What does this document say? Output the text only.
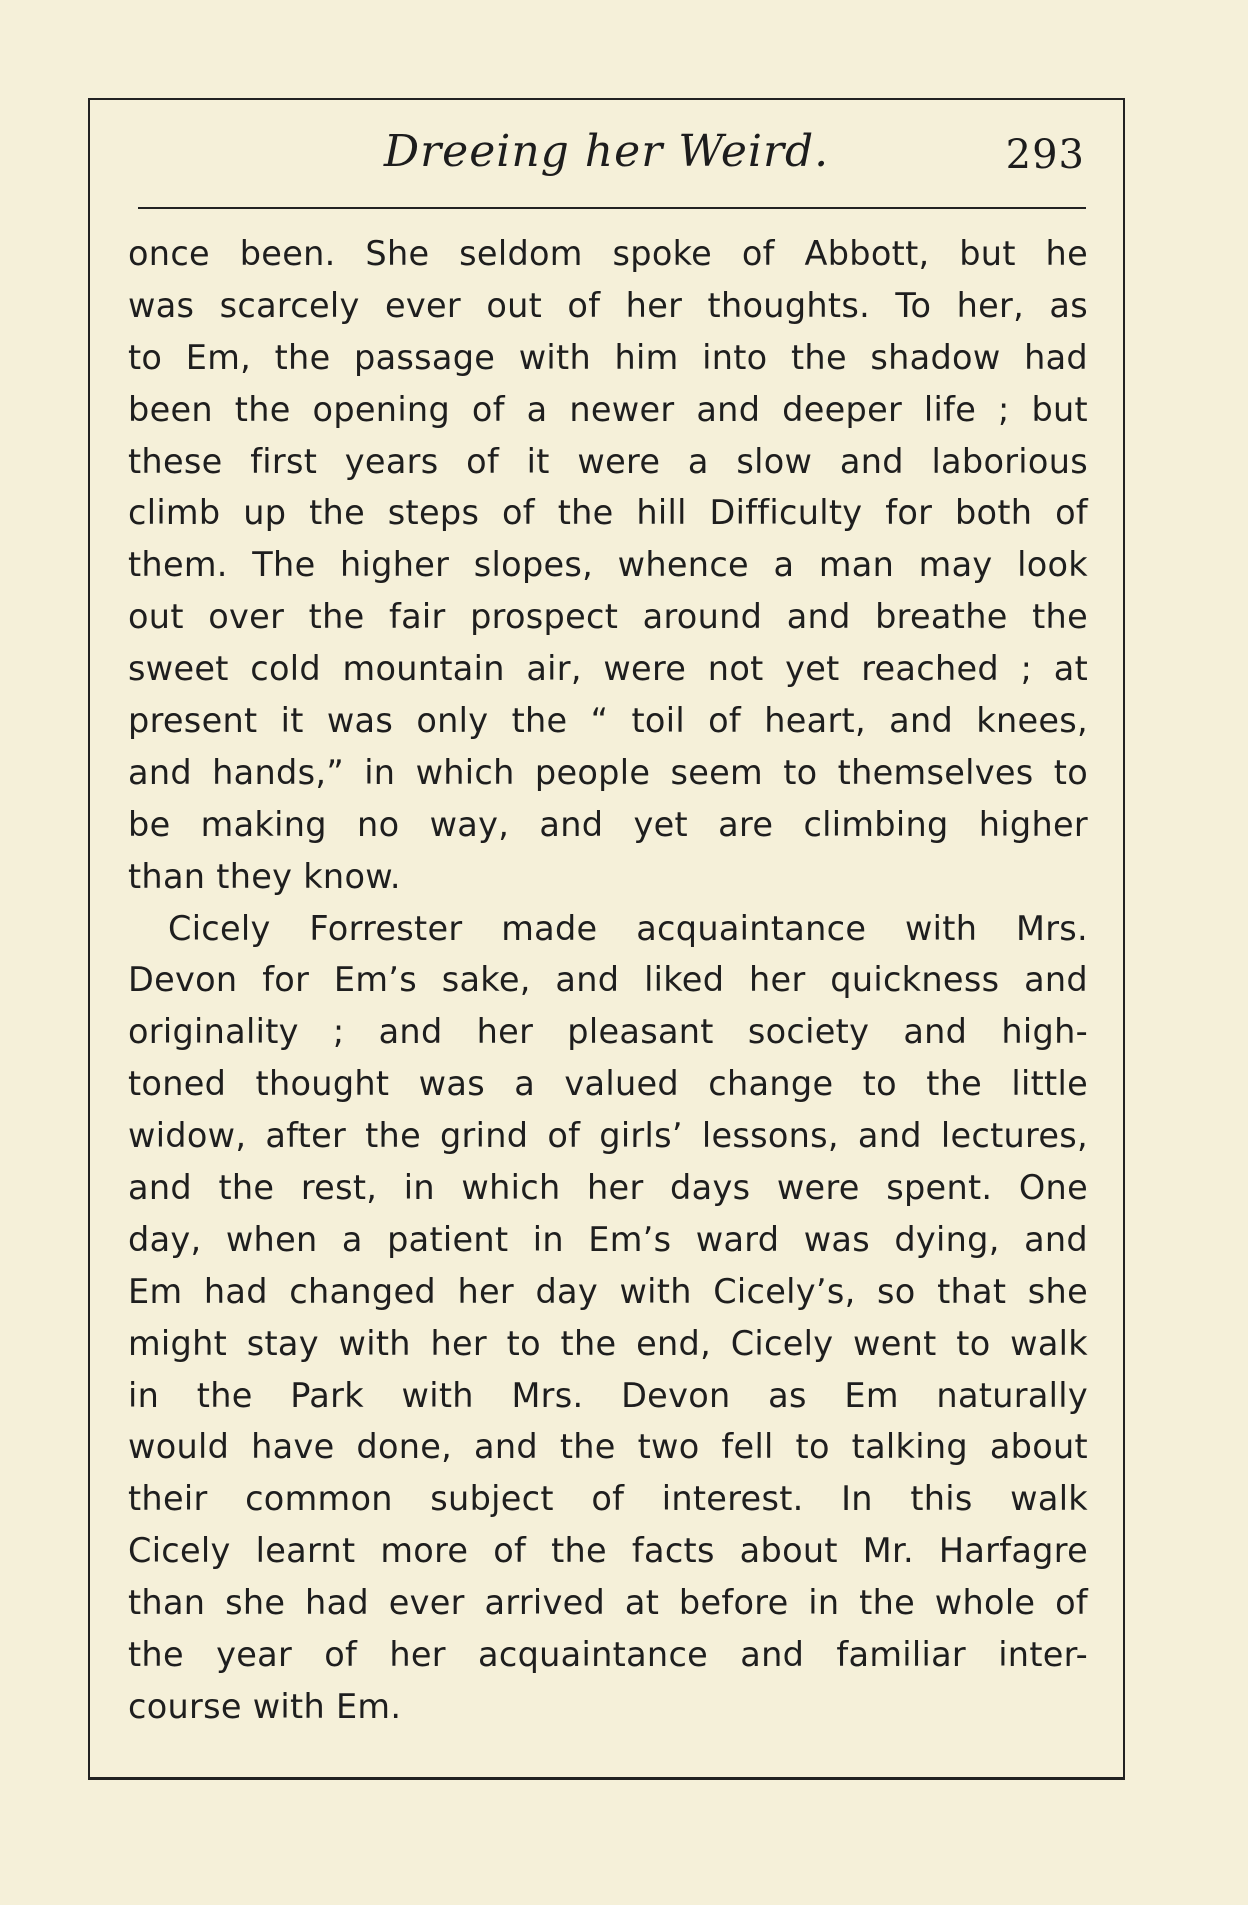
Dreeing her Weird.	293
once been. She seldom spoke of Abbott, but he
was scarcely ever out of her thoughts. To her, as
to Em, the passage with him into the shadow had
been the opening of a newer and deeper life ; but
these first years of it were a slow and laborious
climb up the steps of the hill Difficulty for both of
them. The higher slopes, whence a man may look
out over the fair prospect around and breathe the
sweet cold mountain air, were not yet reached ; at
present it was only the “ toil of heart, and knees,
and hands,” in which people seem to themselves to
be making no way, and yet are climbing higher
than they know.
Cicely Forrester made acquaintance with Mrs.
Devon for Em’s sake, and liked her quickness and
originality ; and her pleasant society and high-
toned thought was a valued change to the little
widow, after the grind of girls’ lessons, and lectures,
and the rest, in which her days were spent. One
day, when a patient in Em’s ward was dying, and
Em had changed her day with Cicely’s, so that she
might stay with her to the end, Cicely went to walk
in the Park with Mrs. Devon as Em naturally
would have done, and the two fell to talking about
their common subject of interest. In this walk
Cicely learnt more of the facts about Mr. Harfagre
than she had ever arrived at before in the whole of
the year of her acquaintance and familiar inter-
course with Em.
